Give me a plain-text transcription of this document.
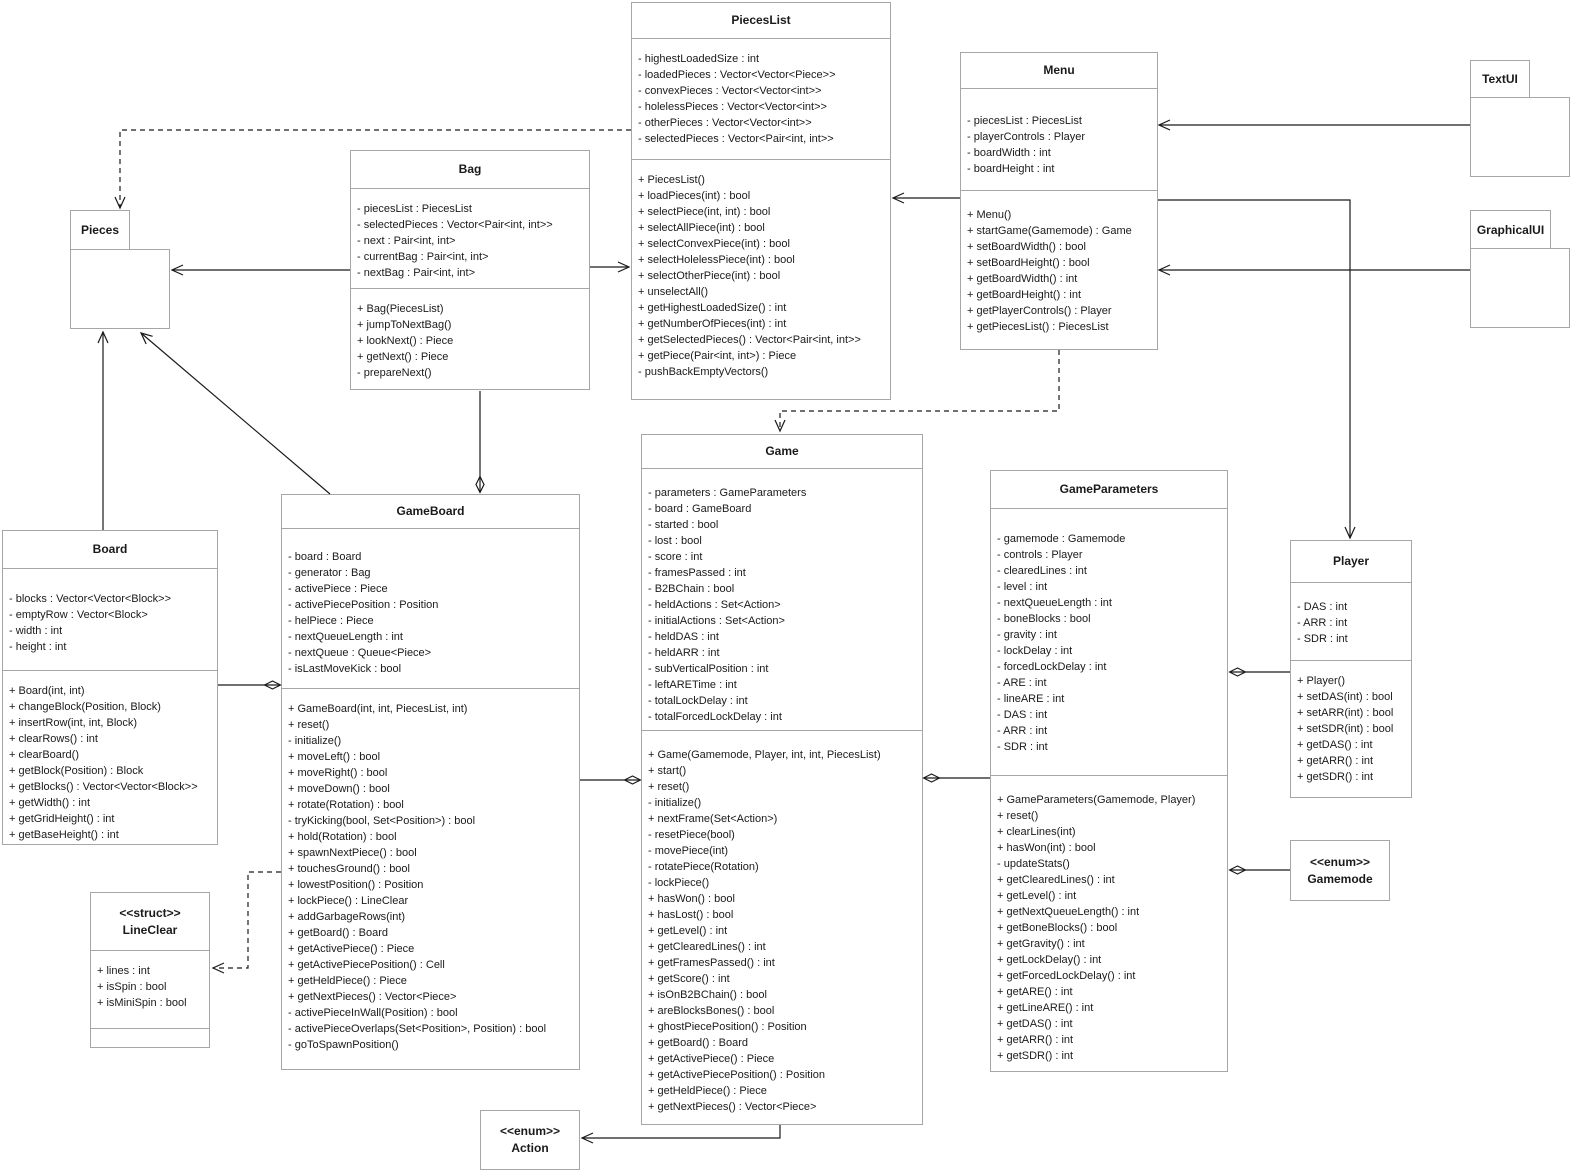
PiecesList
- highestLoadedSize : int
- loadedPieces : Vector<Vector<Piece>>
- convexPieces : Vector<Vector<int>>
- holelessPieces : Vector<Vector<int>>
- otherPieces : Vector<Vector<int>>
- selectedPieces : Vector<Pair<int, int>>
+ PiecesList()
+ loadPieces(int) : bool
+ selectPiece(int, int) : bool
+ selectAllPiece(int) : bool
+ selectConvexPiece(int) : bool
+ selectHolelessPiece(int) : bool
+ selectOtherPiece(int) : bool
+ unselectAll()
+ getHighestLoadedSize() : int
+ getNumberOfPieces(int) : int
+ getSelectedPieces() : Vector<Pair<int, int>>
+ getPiece(Pair<int, int>) : Piece
- pushBackEmptyVectors()
Menu
- piecesList : PiecesList
- playerControls : Player
- boardWidth : int
- boardHeight : int
+ Menu()
+ startGame(Gamemode) : Game
+ setBoardWidth() : bool
+ setBoardHeight() : bool
+ getBoardWidth() : int
+ getBoardHeight() : int
+ getPlayerControls() : Player
+ getPiecesList() : PiecesList
TextUI
GraphicalUI
Pieces
Bag
- piecesList : PiecesList
- selectedPieces : Vector<Pair<int, int>>
- next : Pair<int, int>
- currentBag : Pair<int, int>
- nextBag : Pair<int, int>
+ Bag(PiecesList)
+ jumpToNextBag()
+ lookNext() : Piece
+ getNext() : Piece
- prepareNext()
Board
- blocks : Vector<Vector<Block>>
- emptyRow : Vector<Block>
- width : int
- height : int
+ Board(int, int)
+ changeBlock(Position, Block)
+ insertRow(int, int, Block)
+ clearRows() : int
+ clearBoard()
+ getBlock(Position) : Block
+ getBlocks() : Vector<Vector<Block>>
+ getWidth() : int
+ getGridHeight() : int
+ getBaseHeight() : int
GameBoard
- board : Board
- generator : Bag
- activePiece : Piece
- activePiecePosition : Position
- helPiece : Piece
- nextQueueLength : int
- nextQueue : Queue<Piece>
- isLastMoveKick : bool
+ GameBoard(int, int, PiecesList, int)
+ reset()
- initialize()
+ moveLeft() : bool
+ moveRight() : bool
+ moveDown() : bool
+ rotate(Rotation) : bool
- tryKicking(bool, Set<Position>) : bool
+ hold(Rotation) : bool
+ spawnNextPiece() : bool
+ touchesGround() : bool
+ lowestPosition() : Position
+ lockPiece() : LineClear
+ addGarbageRows(int)
+ getBoard() : Board
+ getActivePiece() : Piece
+ getActivePiecePosition() : Cell
+ getHeldPiece() : Piece
+ getNextPieces() : Vector<Piece>
- activePieceInWall(Position) : bool
- activePieceOverlaps(Set<Position>, Position) : bool
- goToSpawnPosition()
Game
- parameters : GameParameters
- board : GameBoard
- started : bool
- lost : bool
- score : int
- framesPassed : int
- B2BChain : bool
- heldActions : Set<Action>
- initialActions : Set<Action>
- heldDAS : int
- heldARR : int
- subVerticalPosition : int
- leftARETime : int
- totalLockDelay : int
- totalForcedLockDelay : int
+ Game(Gamemode, Player, int, int, PiecesList)
+ start()
+ reset()
- initialize()
+ nextFrame(Set<Action>)
- resetPiece(bool)
- movePiece(int)
- rotatePiece(Rotation)
- lockPiece()
+ hasWon() : bool
+ hasLost() : bool
+ getLevel() : int
+ getClearedLines() : int
+ getFramesPassed() : int
+ getScore() : int
+ isOnB2BChain() : bool
+ areBlocksBones() : bool
+ ghostPiecePosition() : Position
+ getBoard() : Board
+ getActivePiece() : Piece
+ getActivePiecePosition() : Position
+ getHeldPiece() : Piece
+ getNextPieces() : Vector<Piece>
GameParameters
- gamemode : Gamemode
- controls : Player
- clearedLines : int
- level : int
- nextQueueLength : int
- boneBlocks : bool
- gravity : int
- lockDelay : int
- forcedLockDelay : int
- ARE : int
- lineARE : int
- DAS : int
- ARR : int
- SDR : int
+ GameParameters(Gamemode, Player)
+ reset()
+ clearLines(int)
+ hasWon(int) : bool
- updateStats()
+ getClearedLines() : int
+ getLevel() : int
+ getNextQueueLength() : int
+ getBoneBlocks() : bool
+ getGravity() : int
+ getLockDelay() : int
+ getForcedLockDelay() : int
+ getARE() : int
+ getLineARE() : int
+ getDAS() : int
+ getARR() : int
+ getSDR() : int
Player
- DAS : int
- ARR : int
- SDR : int
+ Player()
+ setDAS(int) : bool
+ setARR(int) : bool
+ setSDR(int) : bool
+ getDAS() : int
+ getARR() : int
+ getSDR() : int
<<struct>>
LineClear
+ lines : int
+ isSpin : bool
+ isMiniSpin : bool
<<enum>>
Gamemode
<<enum>>
Action
